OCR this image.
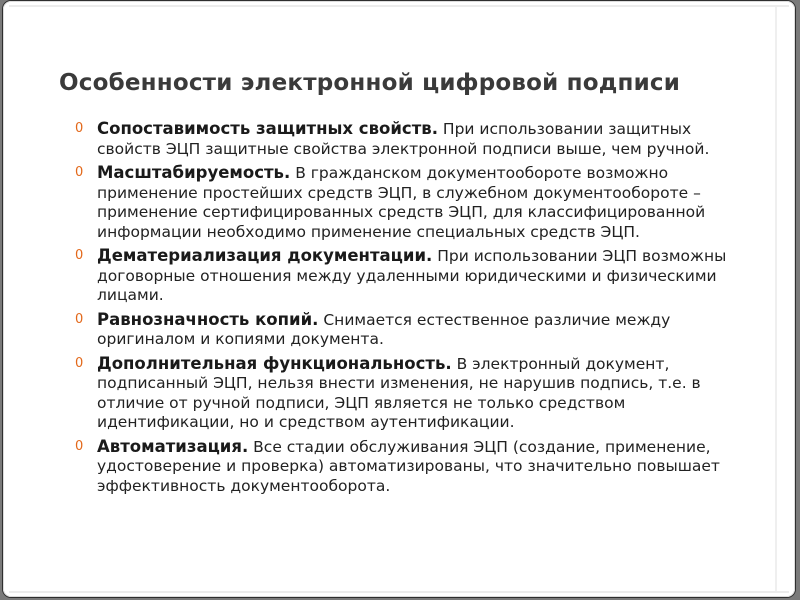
Особенности электронной цифровой подписи
0 Сопоставимость защитных свойств. При использовании защитных свойств ЭЦП защитные свойства электронной подписи выше, чем ручной.
0 Масштабируемость. В гражданском документообороте возможно применение простейших средств ЭЦП, в служебном документообороте – применение сертифицированных средств ЭЦП, для классифицированной информации необходимо применение специальных средств ЭЦП.
0 Дематериализация документации. При использовании ЭЦП возможны договорные отношения между удаленными юридическими и физическими лицами.
0 Равнозначность копий. Снимается естественное различие между оригиналом и копиями документа.
0 Дополнительная функциональность. В электронный документ, подписанный ЭЦП, нельзя внести изменения, не нарушив подпись, т.е. в отличие от ручной подписи, ЭЦП является не только средством идентификации, но и средством аутентификации.
0 Автоматизация. Все стадии обслуживания ЭЦП (создание, применение, удостоверение и проверка) автоматизированы, что значительно повышает эффективность документооборота.
